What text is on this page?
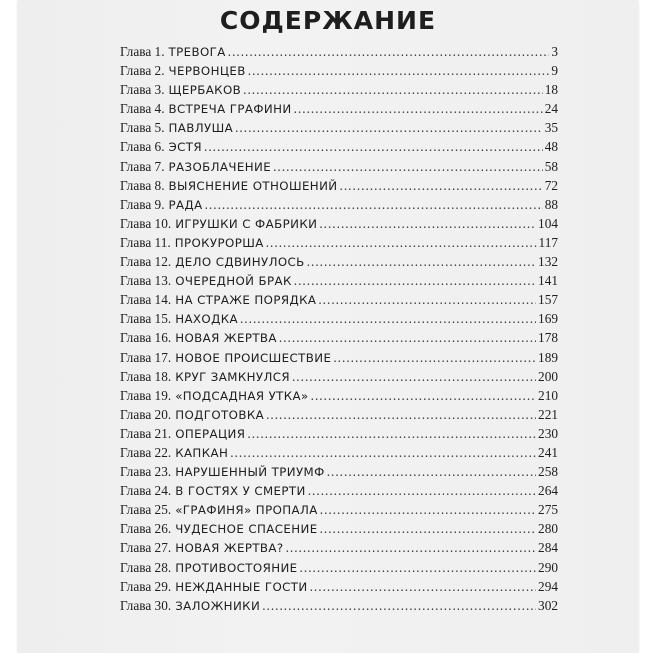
СОДЕРЖАНИЕ
Глава 1. ТРЕВОГА .....	3
Глава 2. ЧЕРВОНЦЕВ .....	9
Глава 3. ЩЕРБАКОВ .....	18
Глава 4. ВСТРЕЧА ГРАФИНИ .....	24
Глава 5. ПАВЛУША .....	35
Глава 6. ЭСТЯ .....	48
Глава 7. РАЗОБЛАЧЕНИЕ .....	58
Глава 8. ВЫЯСНЕНИЕ ОТНОШЕНИЙ .....	72
Глава 9. РАДА .....	88
Глава 10. ИГРУШКИ С ФАБРИКИ .....	104
Глава 11. ПРОКУРОРША .....	117
Глава 12. ДЕЛО СДВИНУЛОСЬ .....	132
Глава 13. ОЧЕРЕДНОЙ БРАК .....	141
Глава 14. НА СТРАЖЕ ПОРЯДКА .....	157
Глава 15. НАХОДКА .....	169
Глава 16. НОВАЯ ЖЕРТВА .....	178
Глава 17. НОВОЕ ПРОИСШЕСТВИЕ .....	189
Глава 18. КРУГ ЗАМКНУЛСЯ .....	200
Глава 19. «ПОДСАДНАЯ УТКА» .....	210
Глава 20. ПОДГОТОВКА .....	221
Глава 21. ОПЕРАЦИЯ .....	230
Глава 22. КАПКАН .....	241
Глава 23. НАРУШЕННЫЙ ТРИУМФ .....	258
Глава 24. В ГОСТЯХ У СМЕРТИ .....	264
Глава 25. «ГРАФИНЯ» ПРОПАЛА .....	275
Глава 26. ЧУДЕСНОЕ СПАСЕНИЕ .....	280
Глава 27. НОВАЯ ЖЕРТВА? .....	284
Глава 28. ПРОТИВОСТОЯНИЕ .....	290
Глава 29. НЕЖДАННЫЕ ГОСТИ .....	294
Глава 30. ЗАЛОЖНИКИ .....	302
